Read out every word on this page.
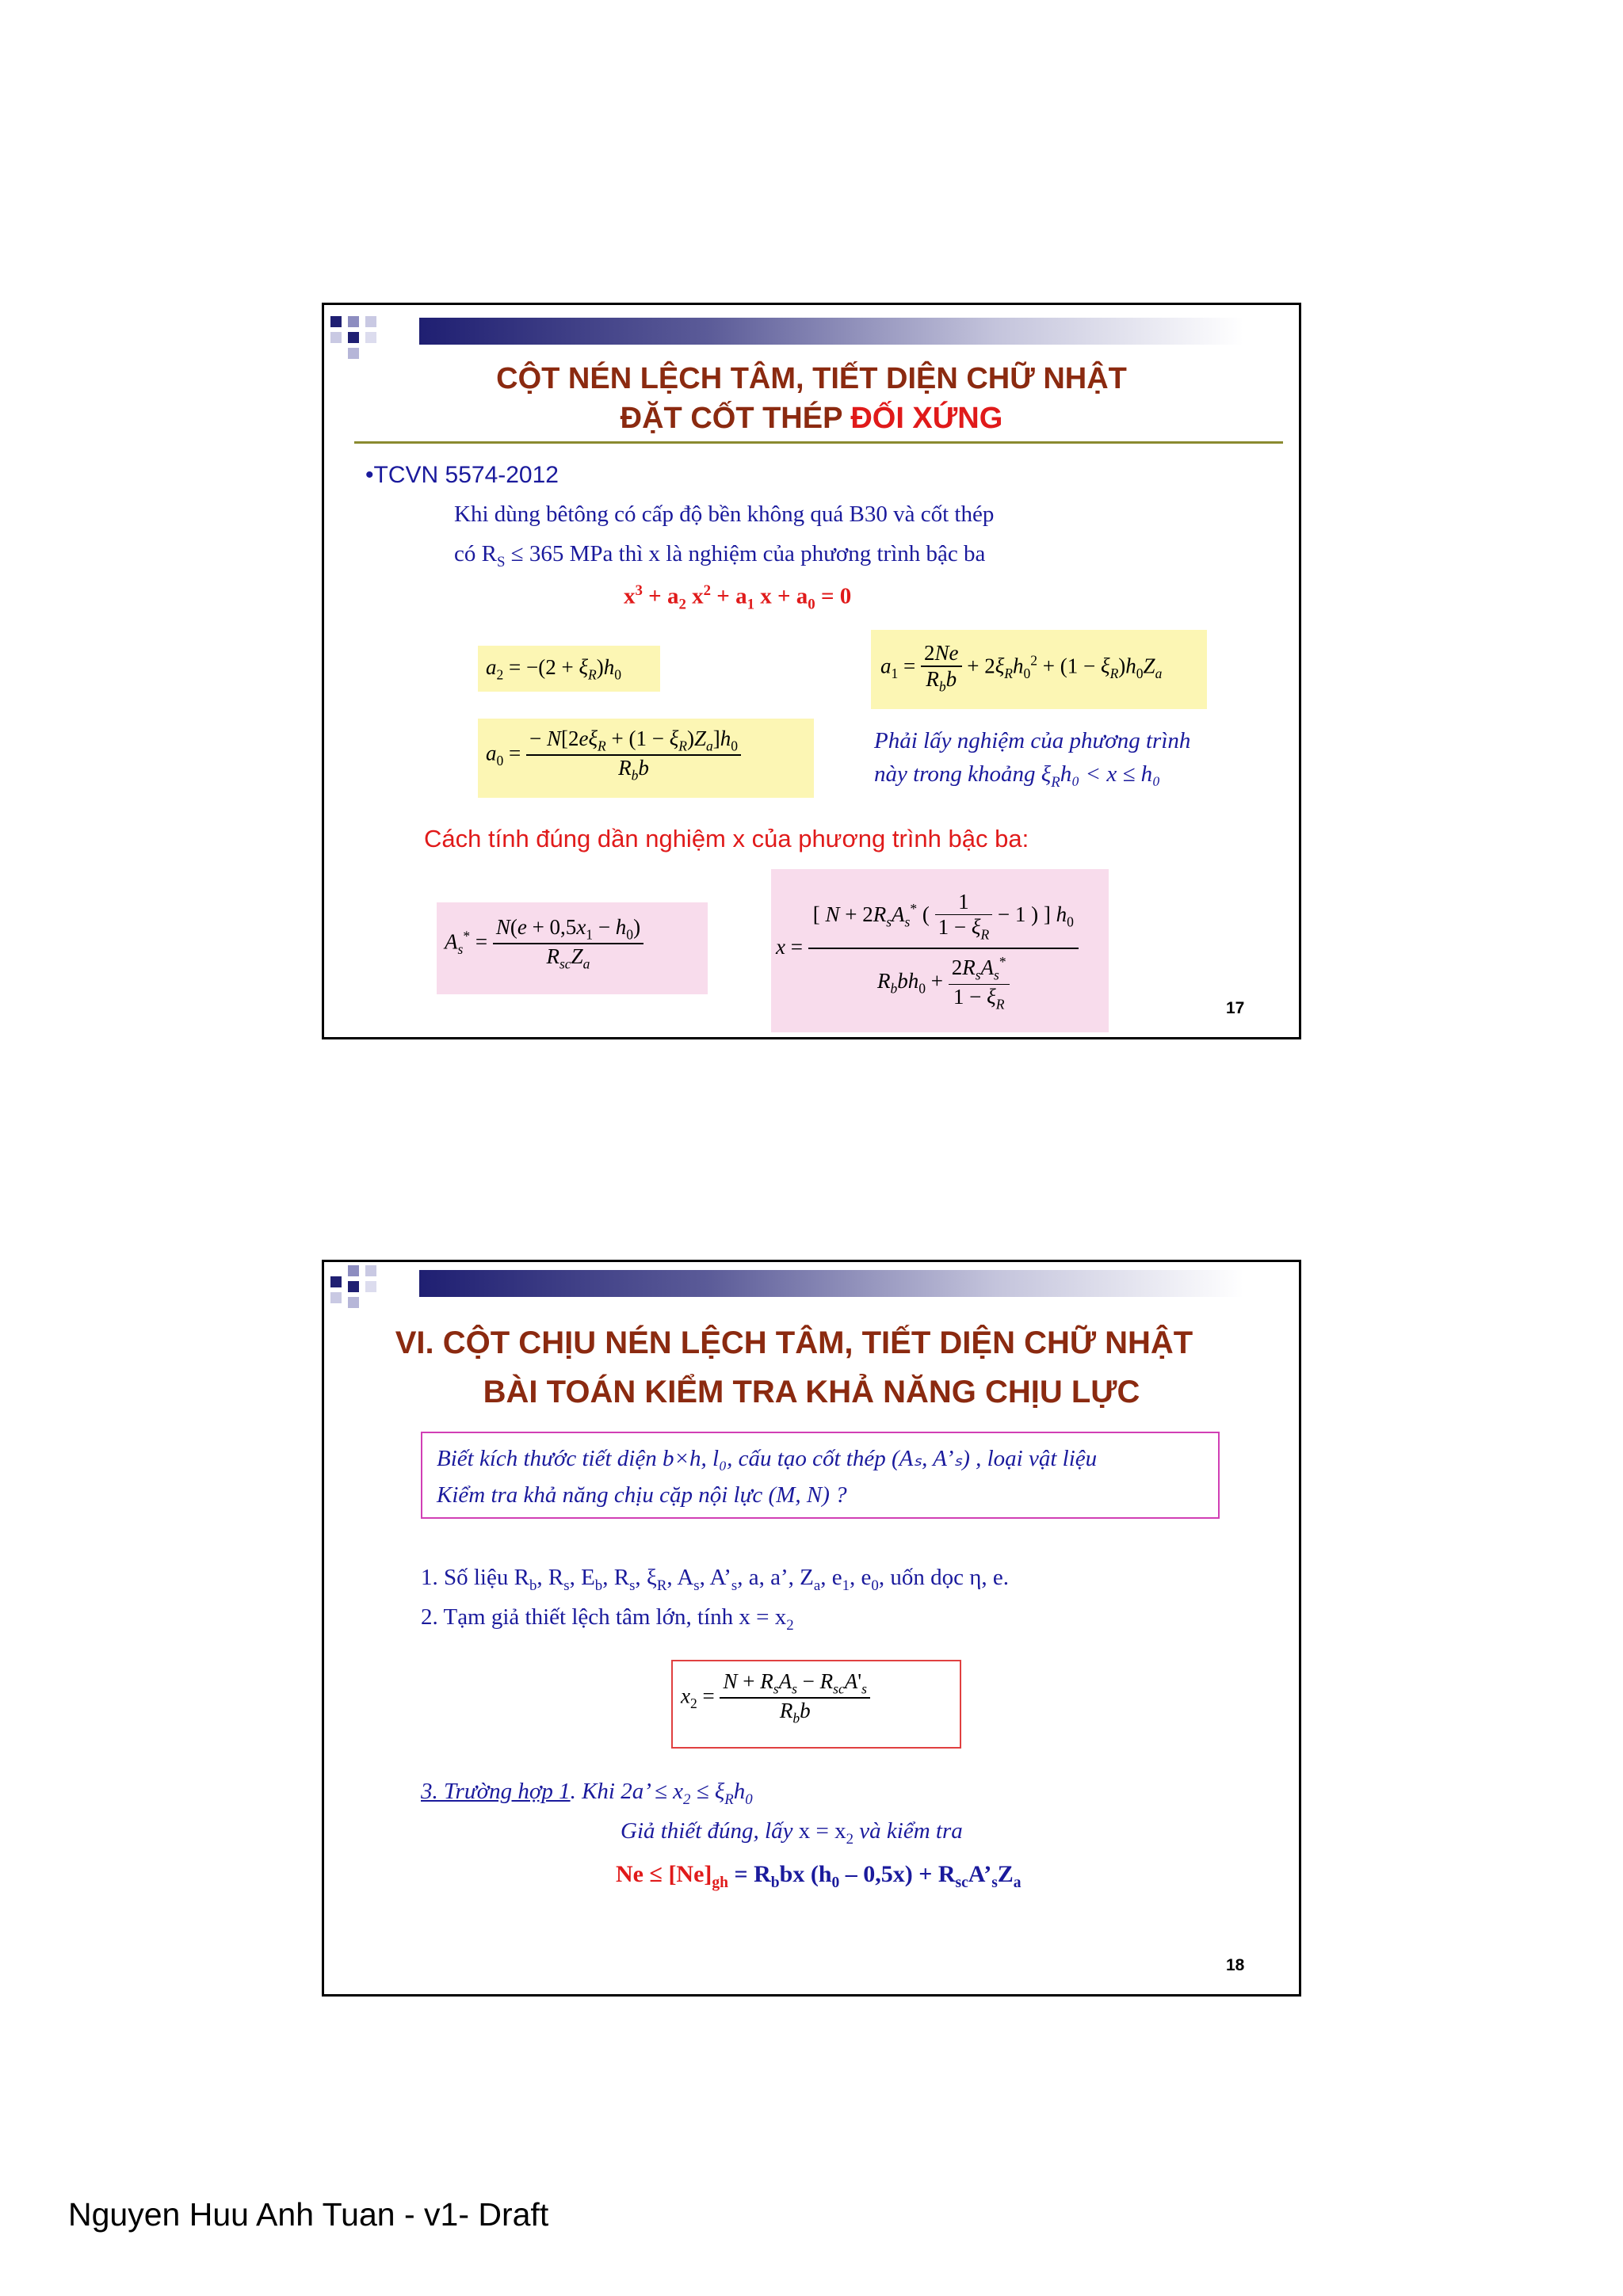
CỘT NÉN LỆCH TÂM, TIẾT DIỆN CHỮ NHẬT
ĐẶT CỐT THÉP ĐỐI XỨNG
•TCVN 5574-2012
Khi dùng bêtông có cấp độ bền không quá B30 và cốt thép
có $R_S \le 365$ MPa thì x là nghiệm của phương trình bậc ba
$x^3 + a_2$ $x^2 + a_1$ $x + a_0 = 0$
$a_2 = -(2 + \xi_R)h_0$	$a_1 = \frac{2Ne}{R_bb} + 2\xi_Rh_0^2 + (1 - \xi_R)h_0Z_a$
$a_0 = \frac{- N[2e\xi_R + (1 - \xi_R)Z_a]h_0}{R_bb}$	Phải lấy nghiệm của phương trình
này trong khoảng $\xi_Rh_0 < x \le h_0$
Cách tính đúng dần nghiệm x của phương trình bậc ba:
$A_s^* = \frac{N(e + 0,5x_1 - h_0)}{R_{sc}Z_a}$	$x = \frac{[ N + 2R_sA_s^* ( \frac{1}{1 - \xi_R} - 1 ) ] h_0}{R_bbh_0 + \frac{2R_sA_s^*}{1 - \xi_R}}$	17
VI. CỘT CHỊU NÉN LỆCH TÂM, TIẾT DIỆN CHỮ NHẬT
BÀI TOÁN KIỂM TRA KHẢ NĂNG CHỊU LỰC
Biết kích thước tiết diện b×h, l₀, cấu tạo cốt thép (Aₛ, A’ₛ) , loại vật liệu
Kiểm tra khả năng chịu cặp nội lực (M, N) ?
1. Số liệu $R_b$, $R_s$, $E_b$, $R_s$, $\xi_R$, $A_s$, $A’_s$, a, a’, $Z_a$, $e_1$, $e_0$, uốn dọc η, e.
2. Tạm giả thiết lệch tâm lớn, tính $x = x_2$
$x_2 = \frac{N + R_sA_s - R_{sc}A'_s}{R_bb}$
3. Trường hợp 1. Khi 2a’ ≤ $x_2 \le \xi_Rh_0$
Giả thiết đúng, lấy $x = x_2$ và kiểm tra
$Ne \le [Ne]_{gh} = R_bbx$ $(h_0 - 0,5x)$ + $R_{sc}A’_sZ_a$
18
Nguyen Huu Anh Tuan - v1- Draft
